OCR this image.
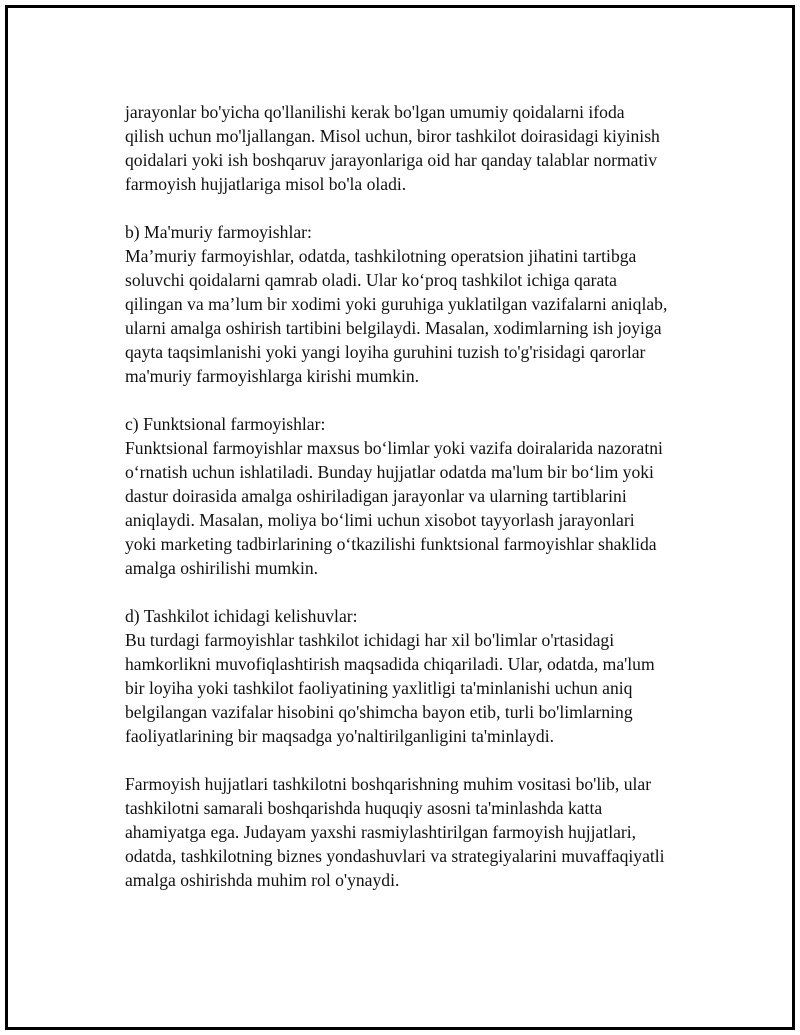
jarayonlar bo'yicha qo'llanilishi kerak bo'lgan umumiy qoidalarni ifoda
qilish uchun mo'ljallangan. Misol uchun, biror tashkilot doirasidagi kiyinish
qoidalari yoki ish boshqaruv jarayonlariga oid har qanday talablar normativ
farmoyish hujjatlariga misol bo'la oladi.
b) Ma'muriy farmoyishlar:
Ma’muriy farmoyishlar, odatda, tashkilotning operatsion jihatini tartibga
soluvchi qoidalarni qamrab oladi. Ular ko‘proq tashkilot ichiga qarata
qilingan va ma’lum bir xodimi yoki guruhiga yuklatilgan vazifalarni aniqlab,
ularni amalga oshirish tartibini belgilaydi. Masalan, xodimlarning ish joyiga
qayta taqsimlanishi yoki yangi loyiha guruhini tuzish to'g'risidagi qarorlar
ma'muriy farmoyishlarga kirishi mumkin.
c) Funktsional farmoyishlar:
Funktsional farmoyishlar maxsus bo‘limlar yoki vazifa doiralarida nazoratni
o‘rnatish uchun ishlatiladi. Bunday hujjatlar odatda ma'lum bir bo‘lim yoki
dastur doirasida amalga oshiriladigan jarayonlar va ularning tartiblarini
aniqlaydi. Masalan, moliya bo‘limi uchun xisobot tayyorlash jarayonlari
yoki marketing tadbirlarining o‘tkazilishi funktsional farmoyishlar shaklida
amalga oshirilishi mumkin.
d) Tashkilot ichidagi kelishuvlar:
Bu turdagi farmoyishlar tashkilot ichidagi har xil bo'limlar o'rtasidagi
hamkorlikni muvofiqlashtirish maqsadida chiqariladi. Ular, odatda, ma'lum
bir loyiha yoki tashkilot faoliyatining yaxlitligi ta'minlanishi uchun aniq
belgilangan vazifalar hisobini qo'shimcha bayon etib, turli bo'limlarning
faoliyatlarining bir maqsadga yo'naltirilganligini ta'minlaydi.
Farmoyish hujjatlari tashkilotni boshqarishning muhim vositasi bo'lib, ular
tashkilotni samarali boshqarishda huquqiy asosni ta'minlashda katta
ahamiyatga ega. Judayam yaxshi rasmiylashtirilgan farmoyish hujjatlari,
odatda, tashkilotning biznes yondashuvlari va strategiyalarini muvaffaqiyatli
amalga oshirishda muhim rol o'ynaydi.
